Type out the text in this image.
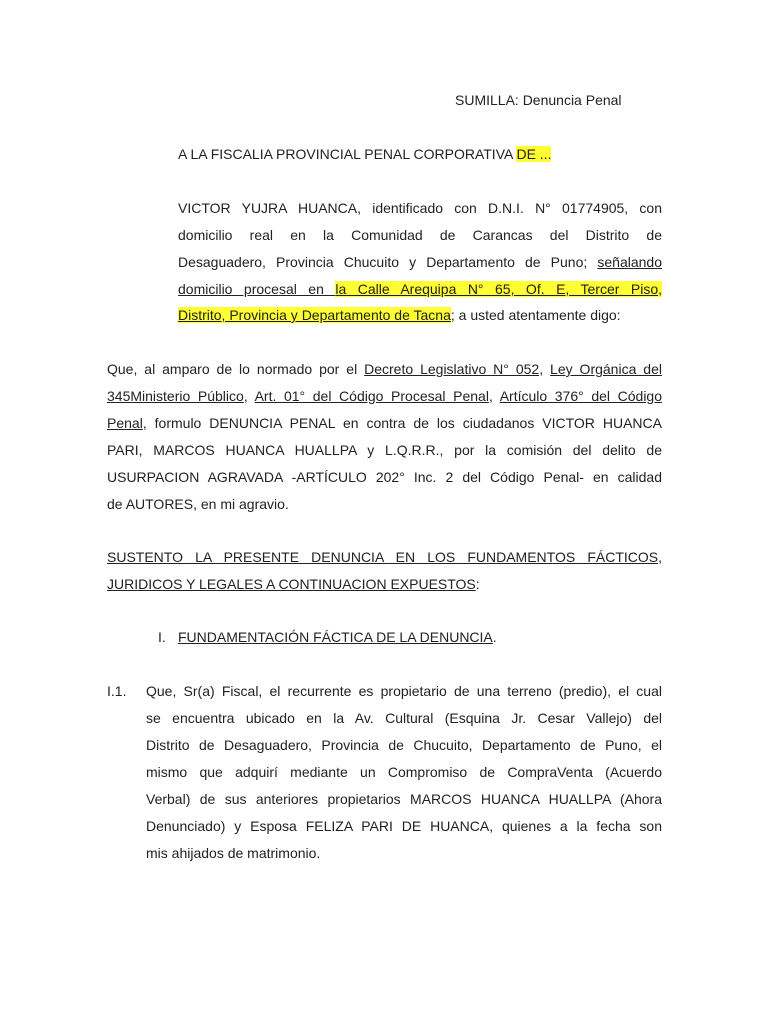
SUMILLA: Denuncia Penal
A LA FISCALIA PROVINCIAL PENAL CORPORATIVA DE ...
VICTOR YUJRA HUANCA, identificado con D.N.I. N° 01774905, con
domicilio real en la Comunidad de Carancas del Distrito de
Desaguadero, Provincia Chucuito y Departamento de Puno; señalando
domicilio procesal en la Calle Arequipa N° 65, Of. E, Tercer Piso,
Distrito, Provincia y Departamento de Tacna; a usted atentamente digo:
Que, al amparo de lo normado por el Decreto Legislativo N° 052, Ley Orgánica del
345Ministerio Público, Art. 01° del Código Procesal Penal, Artículo 376° del Código
Penal, formulo DENUNCIA PENAL en contra de los ciudadanos VICTOR HUANCA
PARI, MARCOS HUANCA HUALLPA y L.Q.R.R., por la comisión del delito de
USURPACION AGRAVADA -ARTÍCULO 202° Inc. 2 del Código Penal- en calidad
de AUTORES, en mi agravio.
SUSTENTO LA PRESENTE DENUNCIA EN LOS FUNDAMENTOS FÁCTICOS,
JURIDICOS Y LEGALES A CONTINUACION EXPUESTOS:
I. FUNDAMENTACIÓN FÁCTICA DE LA DENUNCIA.
I.1. Que, Sr(a) Fiscal, el recurrente es propietario de una terreno (predio), el cual
se encuentra ubicado en la Av. Cultural (Esquina Jr. Cesar Vallejo) del
Distrito de Desaguadero, Provincia de Chucuito, Departamento de Puno, el
mismo que adquirí mediante un Compromiso de CompraVenta (Acuerdo
Verbal) de sus anteriores propietarios MARCOS HUANCA HUALLPA (Ahora
Denunciado) y Esposa FELIZA PARI DE HUANCA, quienes a la fecha son
mis ahijados de matrimonio.
